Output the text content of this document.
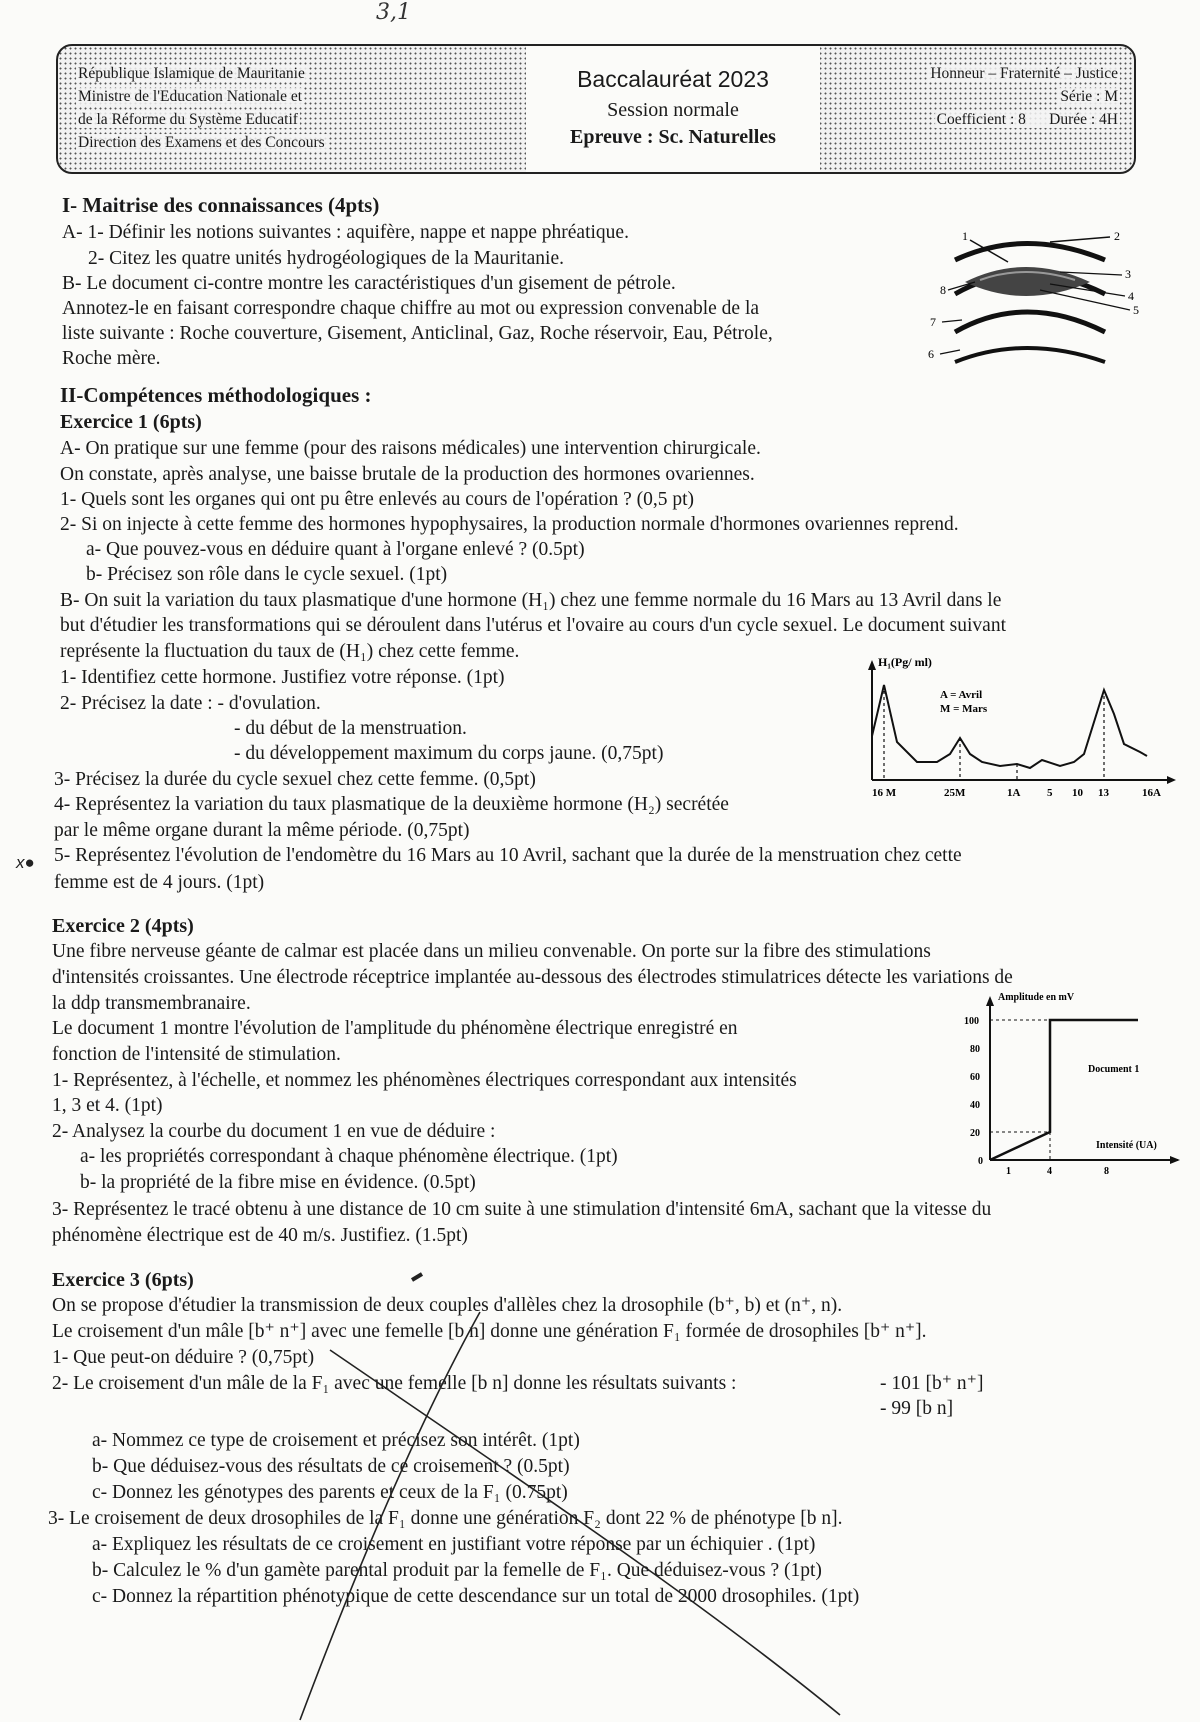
République Islamique de Mauritanie
Ministre de l'Education Nationale et
de la Réforme du Système Educatif
Direction des Examens et des Concours
Baccalauréat 2023
Session normale
Epreuve : Sc. Naturelles
Honneur – Fraternité – Justice
Série : M
Coefficient : 8      Durée : 4H
3,1
x●
I- Maitrise des connaissances (4pts)
A- 1- Définir les notions suivantes : aquifère, nappe et nappe phréatique.
2- Citez les quatre unités hydrogéologiques de la Mauritanie.
B- Le document ci-contre montre les caractéristiques d'un gisement de pétrole.
Annotez-le en faisant correspondre chaque chiffre au mot ou expression convenable de la
liste suivante : Roche couverture, Gisement, Anticlinal, Gaz, Roche réservoir, Eau, Pétrole,
Roche mère.
II-Compétences méthodologiques :
Exercice 1 (6pts)
A- On pratique sur une femme (pour des raisons médicales) une intervention chirurgicale.
On constate, après analyse, une baisse brutale de la production des hormones ovariennes.
1- Quels sont les organes qui ont pu être enlevés au cours de l'opération ? (0,5 pt)
2- Si on injecte à cette femme des hormones hypophysaires, la production normale d'hormones ovariennes reprend.
a- Que pouvez-vous en déduire quant à l'organe enlevé ? (0.5pt)
b- Précisez son rôle dans le cycle sexuel. (1pt)
B- On suit la variation du taux plasmatique d'une hormone (H₁) chez une femme normale du 16 Mars au 13 Avril dans le
but d'étudier les transformations qui se déroulent dans l'utérus et l'ovaire au cours d'un cycle sexuel. Le document suivant
représente la fluctuation du taux de (H₁) chez cette femme.
1- Identifiez cette hormone. Justifiez votre réponse. (1pt)
2- Précisez la date : - d'ovulation.
- du début de la menstruation.
- du développement maximum du corps jaune. (0,75pt)
3- Précisez la durée du cycle sexuel chez cette femme. (0,5pt)
4- Représentez la variation du taux plasmatique de la deuxième hormone (H₂) secrétée
par le même organe durant la même période. (0,75pt)
5- Représentez l'évolution de l'endomètre du 16 Mars au 10 Avril, sachant que la durée de la menstruation chez cette
femme est de 4 jours. (1pt)
Exercice 2 (4pts)
Une fibre nerveuse géante de calmar est placée dans un milieu convenable. On porte sur la fibre des stimulations
d'intensités croissantes. Une électrode réceptrice implantée au-dessous des électrodes stimulatrices détecte les variations de
la ddp transmembranaire.
Le document 1 montre l'évolution de l'amplitude du phénomène électrique enregistré en
fonction de l'intensité de stimulation.
1- Représentez, à l'échelle, et nommez les phénomènes électriques correspondant aux intensités
1, 3 et 4. (1pt)
2- Analysez la courbe du document 1 en vue de déduire :
a- les propriétés correspondant à chaque phénomène électrique. (1pt)
b- la propriété de la fibre mise en évidence. (0.5pt)
3- Représentez le tracé obtenu à une distance de 10 cm suite à une stimulation d'intensité 6mA, sachant que la vitesse du
phénomène électrique est de 40 m/s. Justifiez. (1.5pt)
Exercice 3 (6pts)
On se propose d'étudier la transmission de deux couples d'allèles chez la drosophile (b⁺, b) et (n⁺, n).
Le croisement d'un mâle [b⁺ n⁺] avec une femelle [b n] donne une génération F₁ formée de drosophiles [b⁺ n⁺].
1- Que peut-on déduire ? (0,75pt)
2- Le croisement d'un mâle de la F₁ avec une femelle [b n] donne les résultats suivants :	- 101 [b⁺ n⁺]
- 99 [b n]
a- Nommez ce type de croisement et précisez son intérêt. (1pt)
b- Que déduisez-vous des résultats de ce croisement ? (0.5pt)
c- Donnez les génotypes des parents et ceux de la F₁ (0.75pt)
3- Le croisement de deux drosophiles de la F₁ donne une génération F₂ dont 22 % de phénotype [b n].
a- Expliquez les résultats de ce croisement en justifiant votre réponse par un échiquier . (1pt)
b- Calculez le % d'un gamète parental produit par la femelle de F₁. Que déduisez-vous ? (1pt)
c- Donnez la répartition phénotypique de cette descendance sur un total de 2000 drosophiles. (1pt)
1	2
3
4
5
8
7
6
H₁(Pg/ ml)
A = Avril
M = Mars
16 M	25M	1A 5 10 13	16A
Amplitude en mV
Document 1
Intensité (UA)
100
80
60
40
20
0
1	4	8
